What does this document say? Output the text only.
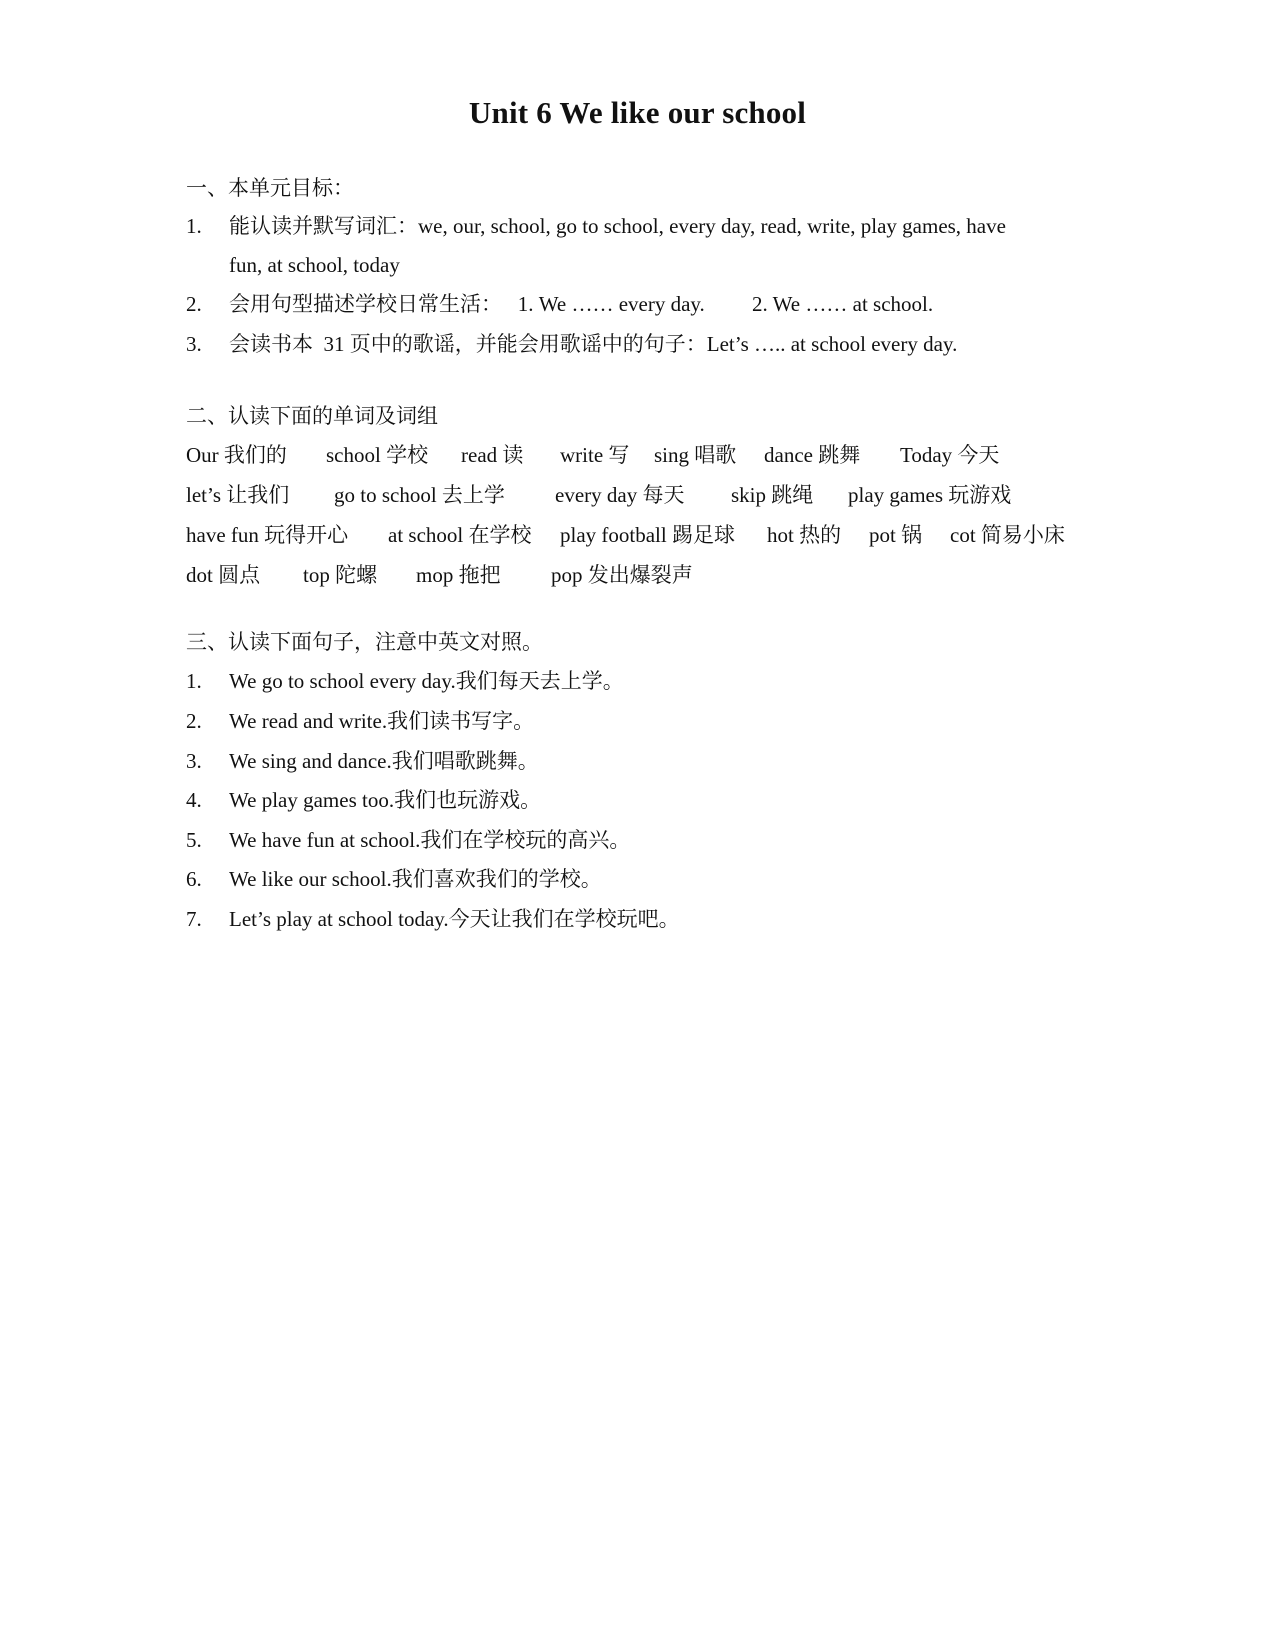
Unit 6 We like our school
一、本单元目标：
1. 能认读并默写词汇：we, our, school, go to school, every day, read, write, play games, have
fun, at school, today
2. 会用句型描述学校日常生活：   1. We …… every day.         2. We …… at school.
3. 会读书本  31 页中的歌谣，并能会用歌谣中的句子：Let’s ….. at school every day.
二、认读下面的单词及词组
Our 我们的 school 学校 read 读 write 写 sing 唱歌 dance 跳舞 Today 今天
let’s 让我们 go to school 去上学 every day 每天 skip 跳绳 play games 玩游戏
have fun 玩得开心 at school 在学校 play football 踢足球 hot 热的 pot 锅 cot 简易小床
dot 圆点 top 陀螺 mop 拖把 pop 发出爆裂声
三、认读下面句子，注意中英文对照。
1. We go to school every day.我们每天去上学。
2. We read and write.我们读书写字。
3. We sing and dance.我们唱歌跳舞。
4. We play games too.我们也玩游戏。
5. We have fun at school.我们在学校玩的高兴。
6. We like our school.我们喜欢我们的学校。
7. Let’s play at school today.今天让我们在学校玩吧。
